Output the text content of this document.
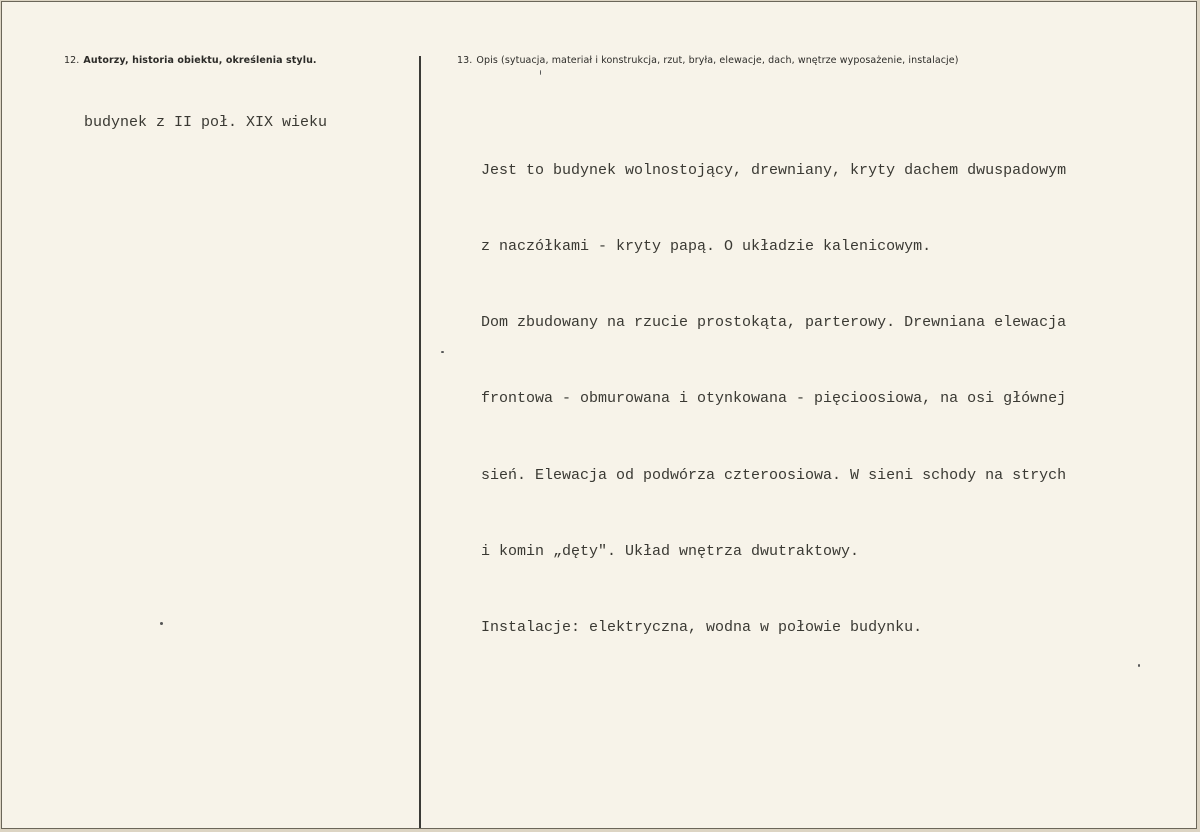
12. Autorzy, historia obiektu, określenia stylu.	13. Opis (sytuacja, materiał i konstrukcja, rzut, bryła, elewacje, dach, wnętrze wyposażenie, instalacje)
budynek z II poł. XIX wieku

Jest to budynek wolnostojący, drewniany, kryty dachem dwuspadowym

z naczółkami - kryty papą. O układzie kalenicowym.

Dom zbudowany na rzucie prostokąta, parterowy. Drewniana elewacja

frontowa - obmurowana i otynkowana - pięcioosiowa, na osi głównej

sień. Elewacja od podwórza czteroosiowa. W sieni schody na strych

i komin „dęty". Układ wnętrza dwutraktowy.

Instalacje: elektryczna, wodna w połowie budynku.
